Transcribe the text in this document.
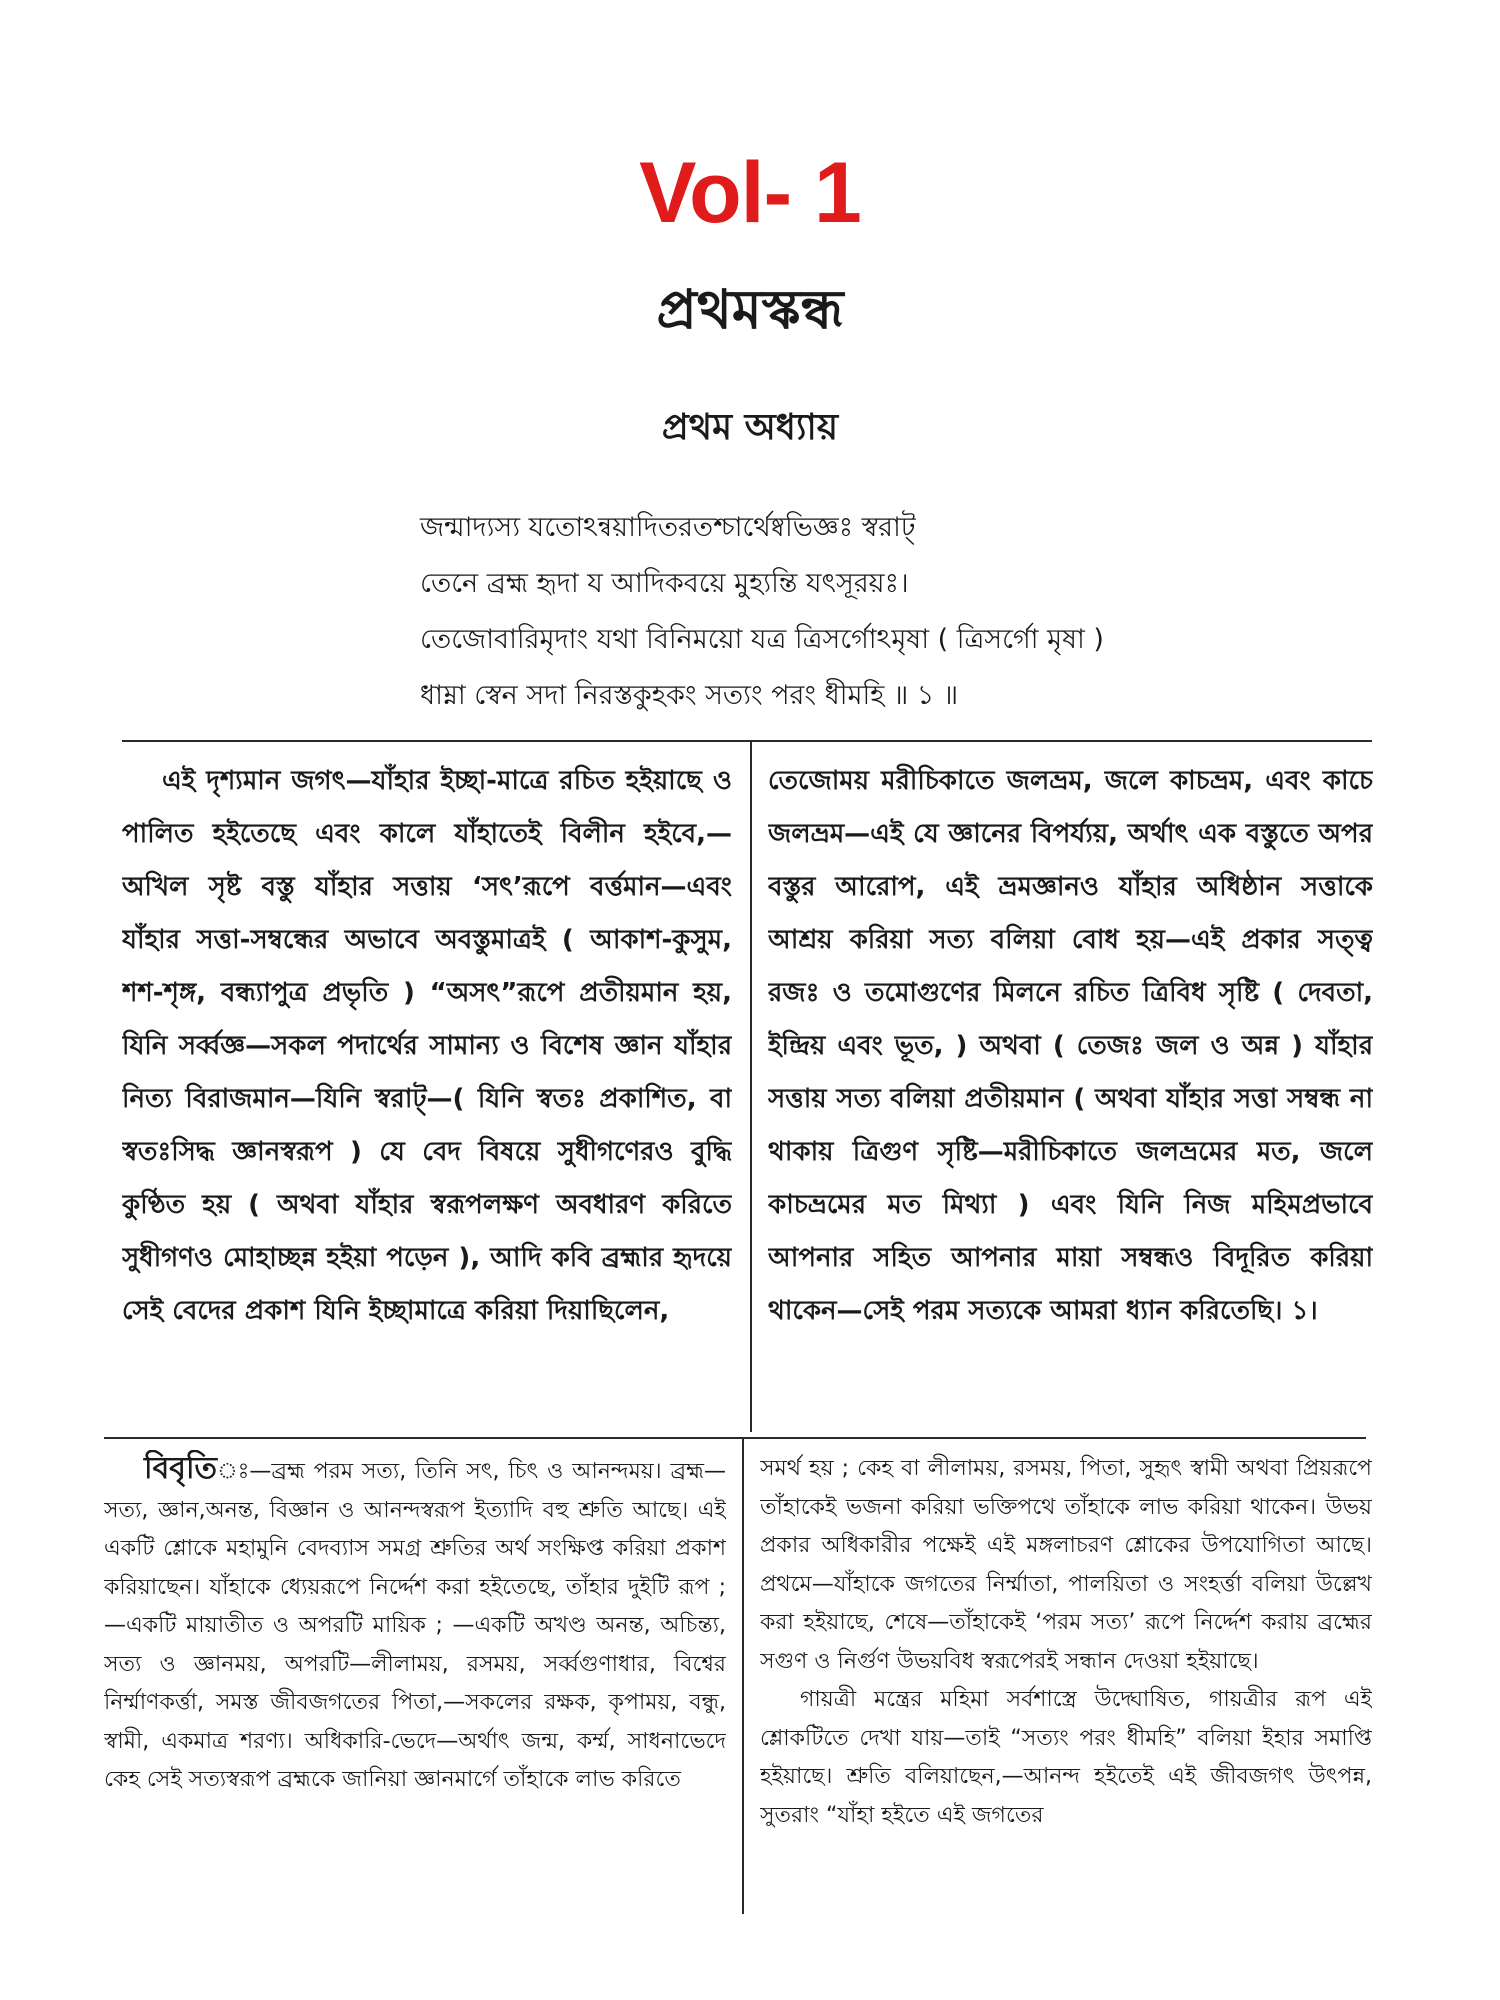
Vol- 1
প্রথমস্কন্ধ
প্রথম অধ্যায়
জন্মাদ্যস্য যতোঽন্বয়াদিতরতশ্চার্থেষ্বভিজ্ঞঃ স্বরাট্
তেনে ব্রহ্ম হৃদা য আদিকবয়ে মুহ্যন্তি যৎসূরয়ঃ।
তেজোবারিমৃদাং যথা বিনিময়ো যত্র ত্রিসর্গোঽমৃষা ( ত্রিসর্গো মৃষা )
ধাম্না স্বেন সদা নিরস্তকুহকং সত্যং পরং ধীমহি ॥ ১ ॥

এই দৃশ্যমান জগৎ—যাঁহার ইচ্ছা-মাত্রে রচিত হইয়াছে ও পালিত হইতেছে এবং কালে যাঁহাতেই বিলীন হইবে,—অখিল সৃষ্ট বস্তু যাঁহার সত্তায় ‘সৎ’রূপে বর্ত্তমান—এবং যাঁহার সত্তা-সম্বন্ধের অভাবে অবস্তুমাত্রই ( আকাশ-কুসুম, শশ-শৃঙ্গ, বন্ধ্যাপুত্র প্রভৃতি ) “অসৎ”রূপে প্রতীয়মান হয়, যিনি সর্ব্বজ্ঞ—সকল পদার্থের সামান্য ও বিশেষ জ্ঞান যাঁহার নিত্য বিরাজমান—যিনি স্বরাট্—( যিনি স্বতঃ প্রকাশিত, বা স্বতঃসিদ্ধ জ্ঞানস্বরূপ ) যে বেদ বিষয়ে সুধীগণেরও বুদ্ধি কুণ্ঠিত হয় ( অথবা যাঁহার স্বরূপলক্ষণ অবধারণ করিতে সুধীগণও মোহাচ্ছন্ন হইয়া পড়েন ), আদি কবি ব্রহ্মার হৃদয়ে সেই বেদের প্রকাশ যিনি ইচ্ছামাত্রে করিয়া দিয়াছিলেন,

তেজোময় মরীচিকাতে জলভ্রম, জলে কাচভ্রম, এবং কাচে জলভ্রম—এই যে জ্ঞানের বিপর্য্যয়, অর্থাৎ এক বস্তুতে অপর বস্তুর আরোপ, এই ভ্রমজ্ঞানও যাঁহার অধিষ্ঠান সত্তাকে আশ্রয় করিয়া সত্য বলিয়া বোধ হয়—এই প্রকার সত্ত্ব রজঃ ও তমোগুণের মিলনে রচিত ত্রিবিধ সৃষ্টি ( দেবতা, ইন্দ্রিয় এবং ভূত, ) অথবা ( তেজঃ জল ও অন্ন ) যাঁহার সত্তায় সত্য বলিয়া প্রতীয়মান ( অথবা যাঁহার সত্তা সম্বন্ধ না থাকায় ত্রিগুণ সৃষ্টি—মরীচিকাতে জলভ্রমের মত, জলে কাচভ্রমের মত মিথ্যা ) এবং যিনি নিজ মহিমপ্রভাবে আপনার সহিত আপনার মায়া সম্বন্ধও বিদূরিত করিয়া থাকেন—সেই পরম সত্যকে আমরা ধ্যান করিতেছি। ১।

বিবৃতিঃ—ব্রহ্ম পরম সত্য, তিনি সৎ, চিৎ ও আনন্দময়। ব্রহ্ম—সত্য, জ্ঞান,অনন্ত, বিজ্ঞান ও আনন্দস্বরূপ ইত্যাদি বহু শ্রুতি আছে। এই একটি শ্লোকে মহামুনি বেদব্যাস সমগ্র শ্রুতির অর্থ সংক্ষিপ্ত করিয়া প্রকাশ করিয়াছেন। যাঁহাকে ধ্যেয়রূপে নির্দ্দেশ করা হইতেছে, তাঁহার দুইটি রূপ ;—একটি মায়াতীত ও অপরটি মায়িক ; —একটি অখণ্ড অনন্ত, অচিন্ত্য, সত্য ও জ্ঞানময়, অপরটি—লীলাময়, রসময়, সর্ব্বগুণাধার, বিশ্বের নির্ম্মাণকর্ত্তা, সমস্ত জীবজগতের পিতা,—সকলের রক্ষক, কৃপাময়, বন্ধু, স্বামী, একমাত্র শরণ্য। অধিকারি-ভেদে—অর্থাৎ জন্ম, কর্ম্ম, সাধনাভেদে কেহ সেই সত্যস্বরূপ ব্রহ্মকে জানিয়া জ্ঞানমার্গে তাঁহাকে লাভ করিতে

সমর্থ হয় ; কেহ বা লীলাময়, রসময়, পিতা, সুহৃৎ স্বামী অথবা প্রিয়রূপে তাঁহাকেই ভজনা করিয়া ভক্তিপথে তাঁহাকে লাভ করিয়া থাকেন। উভয় প্রকার অধিকারীর পক্ষেই এই মঙ্গলাচরণ শ্লোকের উপযোগিতা আছে। প্রথমে—যাঁহাকে জগতের নির্ম্মাতা, পালয়িতা ও সংহর্ত্তা বলিয়া উল্লেখ করা হইয়াছে, শেষে—তাঁহাকেই ‘পরম সত্য’ রূপে নির্দ্দেশ করায় ব্রহ্মের সগুণ ও নির্গুণ উভয়বিধ স্বরূপেরই সন্ধান দেওয়া হইয়াছে।

গায়ত্রী মন্ত্রের মহিমা সর্বশাস্ত্রে উদ্ঘোষিত, গায়ত্রীর রূপ এই শ্লোকটিতে দেখা যায়—তাই “সত্যং পরং ধীমহি” বলিয়া ইহার সমাপ্তি হইয়াছে। শ্রুতি বলিয়াছেন,—আনন্দ হইতেই এই জীবজগৎ উৎপন্ন, সুতরাং “যাঁহা হইতে এই জগতের
